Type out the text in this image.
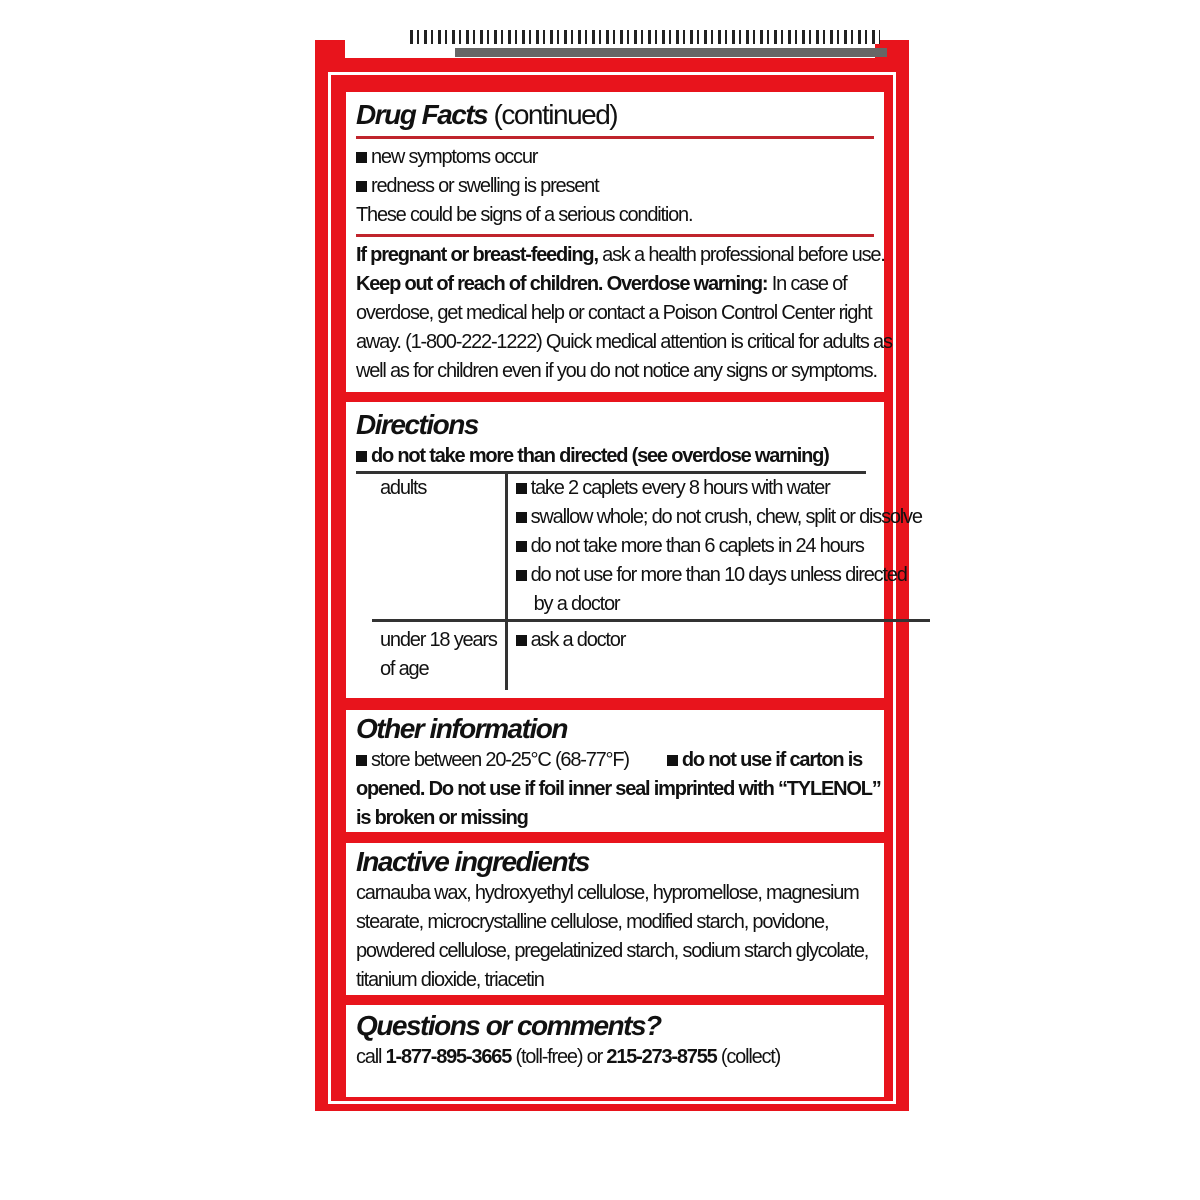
Drug Facts (continued)
new symptoms occur
redness or swelling is present
These could be signs of a serious condition.
If pregnant or breast-feeding, ask a health professional before use.
Keep out of reach of children. Overdose warning: In case of
overdose, get medical help or contact a Poison Control Center right
away. (1-800-222-1222) Quick medical attention is critical for adults as
well as for children even if you do not notice any signs or symptoms.
Directions
do not take more than directed (see overdose warning)
adults	take 2 caplets every 8 hours with water
swallow whole; do not crush, chew, split or dissolve
do not take more than 6 caplets in 24 hours
do not use for more than 10 days unless directed
by a doctor

under 18 years
of age	ask a doctor
Other information
store between 20-25°C (68-77°F)	do not use if carton is
opened. Do not use if foil inner seal imprinted with “TYLENOL”
is broken or missing
Inactive ingredients
carnauba wax, hydroxyethyl cellulose, hypromellose, magnesium
stearate, microcrystalline cellulose, modified starch, povidone,
powdered cellulose, pregelatinized starch, sodium starch glycolate,
titanium dioxide, triacetin
Questions or comments?
call 1-877-895-3665 (toll-free) or 215-273-8755 (collect)
